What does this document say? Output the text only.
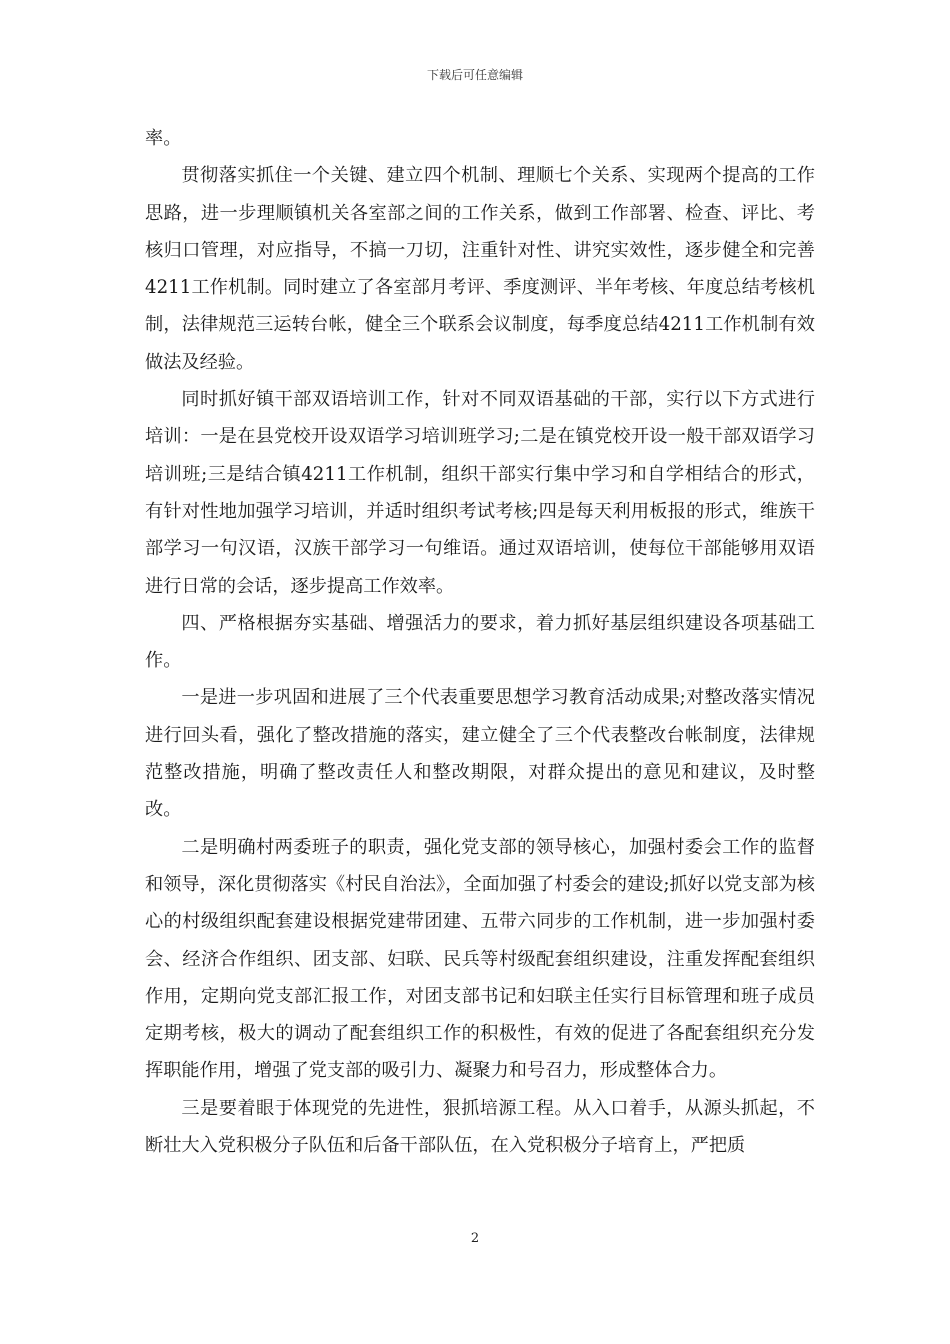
下载后可任意编辑

率。

贯彻落实抓住一个关键、建立四个机制、理顺七个关系、实现两个提高的工作思路，进一步理顺镇机关各室部之间的工作关系，做到工作部署、检查、评比、考核归口管理，对应指导，不搞一刀切，注重针对性、讲究实效性，逐步健全和完善4211工作机制。同时建立了各室部月考评、季度测评、半年考核、年度总结考核机制，法律规范三运转台帐，健全三个联系会议制度，每季度总结4211工作机制有效做法及经验。

同时抓好镇干部双语培训工作，针对不同双语基础的干部，实行以下方式进行培训：一是在县党校开设双语学习培训班学习;二是在镇党校开设一般干部双语学习培训班;三是结合镇4211工作机制，组织干部实行集中学习和自学相结合的形式，有针对性地加强学习培训，并适时组织考试考核;四是每天利用板报的形式，维族干部学习一句汉语，汉族干部学习一句维语。通过双语培训，使每位干部能够用双语进行日常的会话，逐步提高工作效率。

四、严格根据夯实基础、增强活力的要求，着力抓好基层组织建设各项基础工作。

一是进一步巩固和进展了三个代表重要思想学习教育活动成果;对整改落实情况进行回头看，强化了整改措施的落实，建立健全了三个代表整改台帐制度，法律规范整改措施，明确了整改责任人和整改期限，对群众提出的意见和建议，及时整改。

二是明确村两委班子的职责，强化党支部的领导核心，加强村委会工作的监督和领导，深化贯彻落实《村民自治法》，全面加强了村委会的建设;抓好以党支部为核心的村级组织配套建设根据党建带团建、五带六同步的工作机制，进一步加强村委会、经济合作组织、团支部、妇联、民兵等村级配套组织建设，注重发挥配套组织作用，定期向党支部汇报工作，对团支部书记和妇联主任实行目标管理和班子成员定期考核，极大的调动了配套组织工作的积极性，有效的促进了各配套组织充分发挥职能作用，增强了党支部的吸引力、凝聚力和号召力，形成整体合力。

三是要着眼于体现党的先进性，狠抓培源工程。从入口着手，从源头抓起，不断壮大入党积极分子队伍和后备干部队伍，在入党积极分子培育上，严把质

2
